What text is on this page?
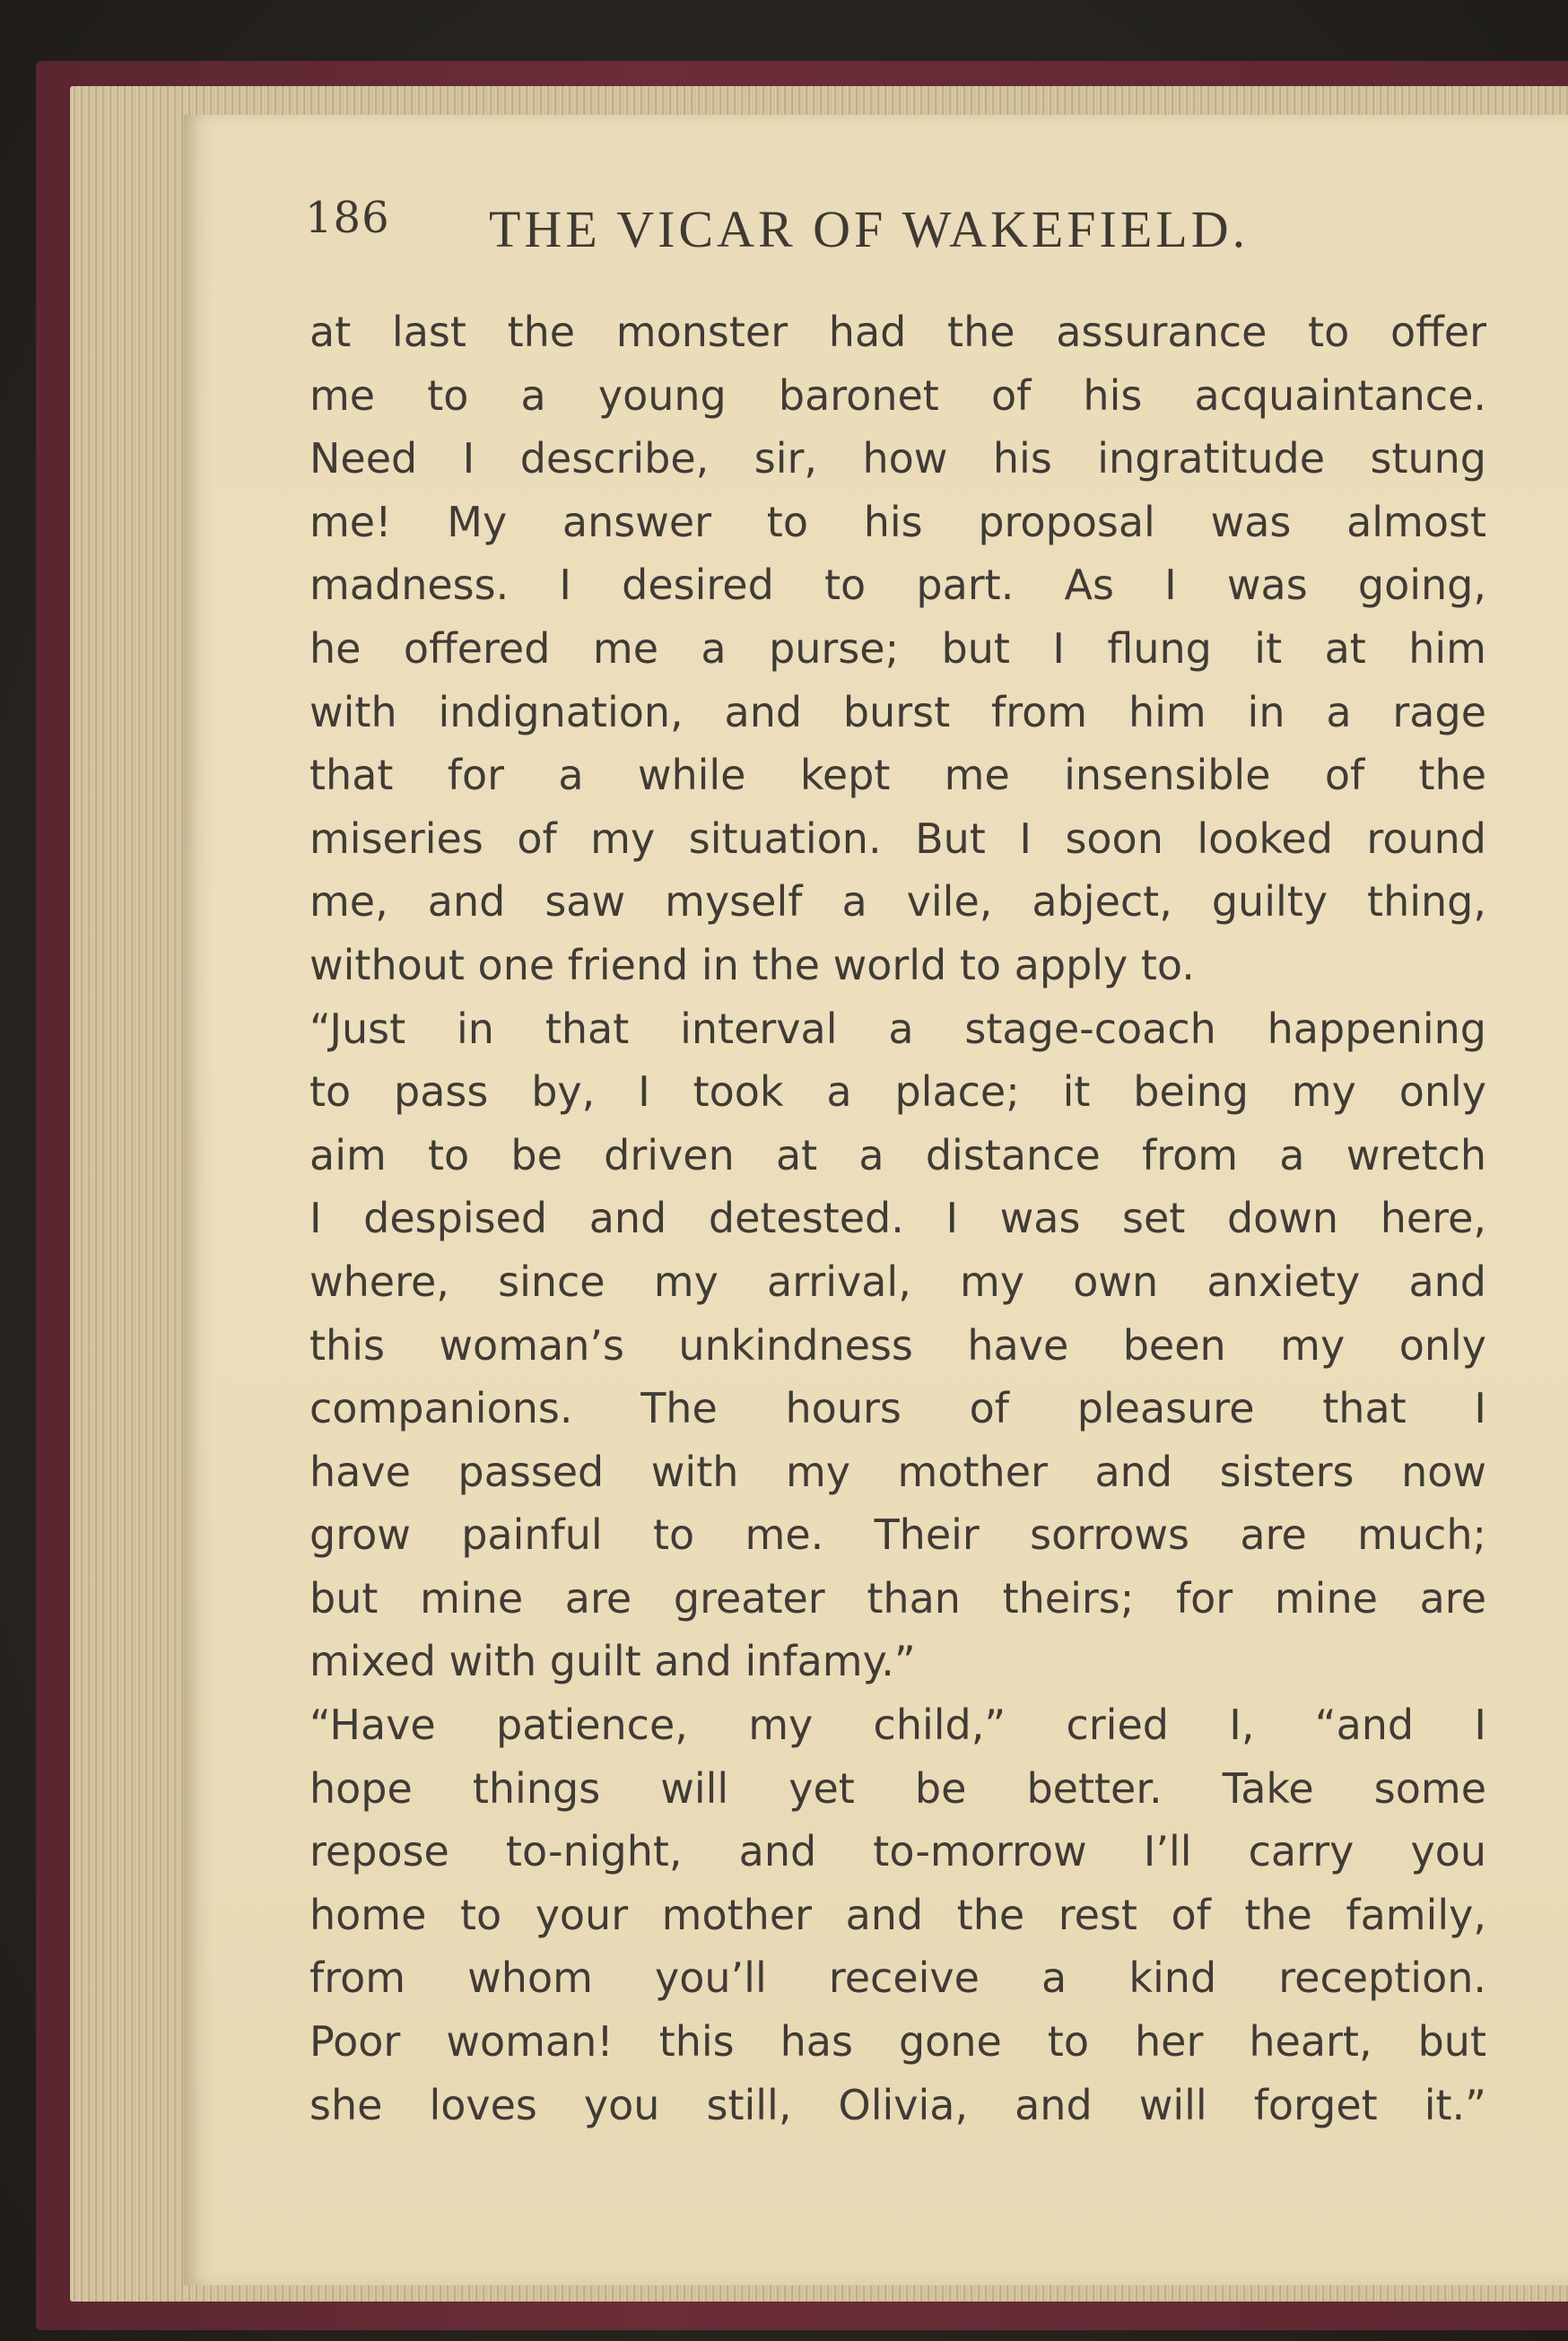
186 THE VICAR OF WAKEFIELD.
at last the monster had the assurance to offer
me to a young baronet of his acquaintance.
Need I describe, sir, how his ingratitude stung
me! My answer to his proposal was almost
madness. I desired to part. As I was going,
he offered me a purse; but I flung it at him
with indignation, and burst from him in a rage
that for a while kept me insensible of the
miseries of my situation. But I soon looked round
me, and saw myself a vile, abject, guilty thing,
without one friend in the world to apply to.
“Just in that interval a stage-coach happening
to pass by, I took a place; it being my only
aim to be driven at a distance from a wretch
I despised and detested. I was set down here,
where, since my arrival, my own anxiety and
this woman’s unkindness have been my only
companions. The hours of pleasure that I
have passed with my mother and sisters now
grow painful to me. Their sorrows are much;
but mine are greater than theirs; for mine are
mixed with guilt and infamy.”
“Have patience, my child,” cried I, “and I
hope things will yet be better. Take some
repose to-night, and to-morrow I’ll carry you
home to your mother and the rest of the family,
from whom you’ll receive a kind reception.
Poor woman! this has gone to her heart, but
she loves you still, Olivia, and will forget it.”
